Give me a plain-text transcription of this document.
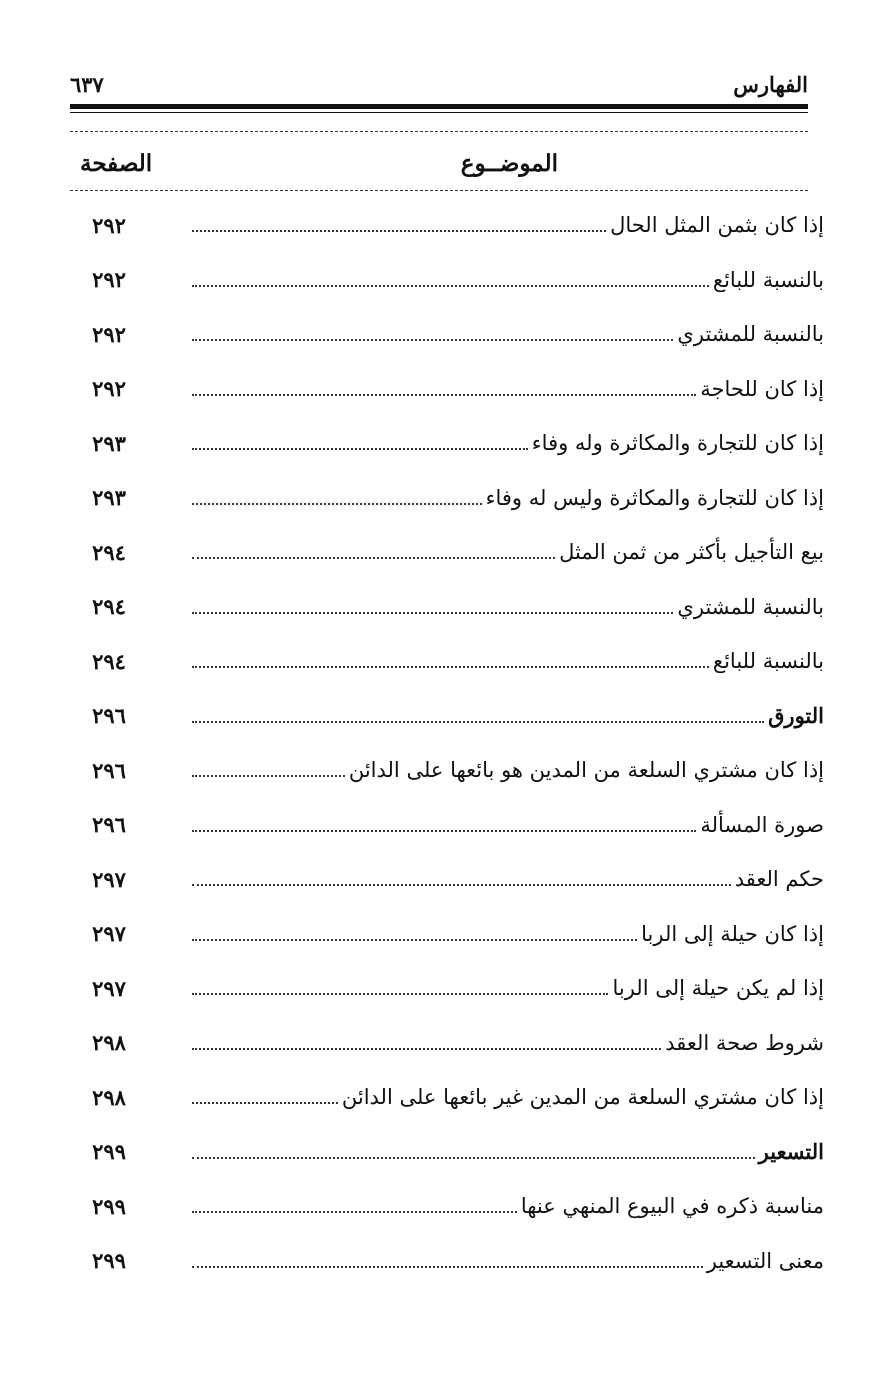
الفهارس
٦٣٧
الموضــوع
الصفحة
إذا كان بثمن المثل الحال
٢٩٢
بالنسبة للبائع
٢٩٢
بالنسبة للمشتري
٢٩٢
إذا كان للحاجة
٢٩٢
إذا كان للتجارة والمكاثرة وله وفاء
٢٩٣
إذا كان للتجارة والمكاثرة وليس له وفاء
٢٩٣
بيع التأجيل بأكثر من ثمن المثل
٢٩٤
بالنسبة للمشتري
٢٩٤
بالنسبة للبائع
٢٩٤
التورق
٢٩٦
إذا كان مشتري السلعة من المدين هو بائعها على الدائن
٢٩٦
صورة المسألة
٢٩٦
حكم العقد
٢٩٧
إذا كان حيلة إلى الربا
٢٩٧
إذا لم يكن حيلة إلى الربا
٢٩٧
شروط صحة العقد
٢٩٨
إذا كان مشتري السلعة من المدين غير بائعها على الدائن
٢٩٨
التسعير
٢٩٩
مناسبة ذكره في البيوع المنهي عنها
٢٩٩
معنى التسعير
٢٩٩
